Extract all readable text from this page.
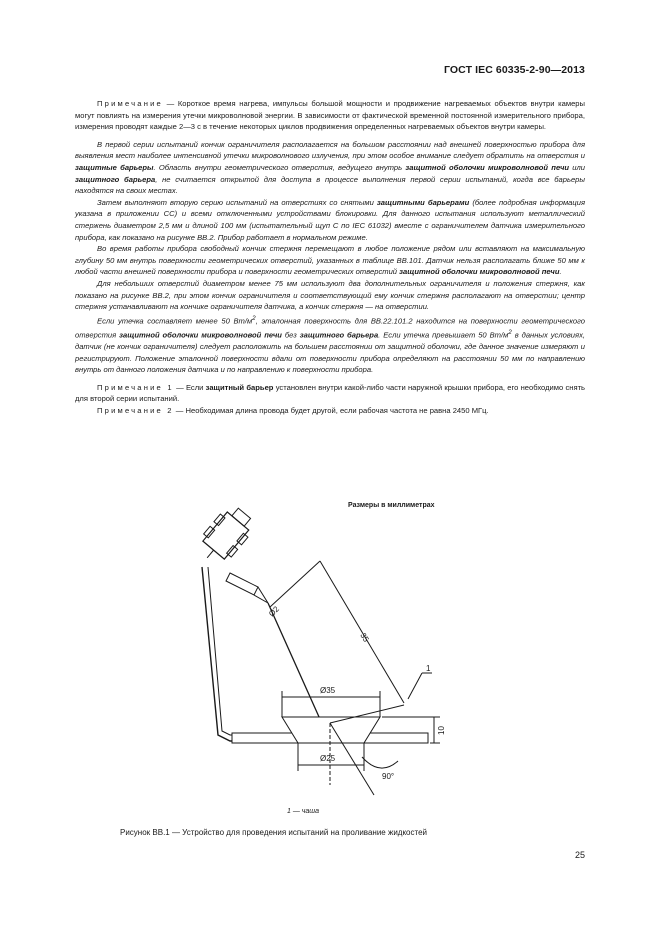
ГОСТ IEC 60335-2-90—2013

Примечание — Короткое время нагрева, импульсы большой мощности и продвижение нагреваемых объектов внутри камеры могут повлиять на измерения утечки микроволновой энергии. В зависимости от фактической временной постоянной измерительного прибора, измерения проводят каждые 2—3 с в течение некоторых циклов продвижения определенных нагреваемых объектов внутри камеры.

В первой серии испытаний кончик ограничителя располагается на большом расстоянии над внешней поверхностью прибора для выявления мест наиболее интенсивной утечки микроволнового излучения, при этом особое внимание следует обратить на отверстия и защитные барьеры. Область внутри геометрического отверстия, ведущего внутрь защитной оболочки микроволновой печи или защитного барьера, не считается открытой для доступа в процессе выполнения первой серии испытаний, когда все барьеры находятся на своих местах.

Затем выполняют вторую серию испытаний на отверстиях со снятыми защитными барьерами (более подробная информация указана в приложении СС) и всеми отключенными устройствами блокировки. Для данного испытания используют металлический стержень диаметром 2,5 мм и длиной 100 мм (испытательный щуп С по IEC 61032) вместе с ограничителем датчика измерительного прибора, как показано на рисунке ВВ.2. Прибор работает в нормальном режиме.

Во время работы прибора свободный кончик стержня перемещают в любое положение рядом или вставляют на максимальную глубину 50 мм внутрь поверхности геометрических отверстий, указанных в таблице ВВ.101. Датчик нельзя располагать ближе 50 мм к любой части внешней поверхности прибора и поверхности геометрических отверстий защитной оболочки микроволновой печи.

Для небольших отверстий диаметром менее 75 мм используют два дополнительных ограничителя и положения стержня, как показано на рисунке ВВ.2, при этом кончик ограничителя и соответствующий ему кончик стержня располагают на отверстии; центр стержня устанавливают на кончике ограничителя датчика, а кончик стержня — на отверстии.

Если утечка составляет менее 50 $Вт/м^2$, эталонная поверхность для ВВ.22.101.2 находится на поверхности геометрического отверстия защитной оболочки микроволновой печи без защитного барьера. Если утечка превышает 50 $Вт/м^2$ в данных условиях, датчик (не кончик ограничителя) следует расположить на большем расстоянии от защитной оболочки, где данное значение измеряют и регистрируют. Положение эталонной поверхности вдали от поверхности прибора определяют на расстоянии 50 мм по направлению внутрь от данного положения датчика и по направлению к поверхности прибора.

Примечание 1 — Если защитный барьер установлен внутри какой-либо части наружной крышки прибора, его необходимо снять для второй серии испытаний.

Примечание 2 — Необходимая длина провода будет другой, если рабочая частота не равна 2450 МГц.

Размеры в миллиметрах
Ø2
35
Ø35
Ø25
10
90°
1
1 — чаша
Рисунок ВВ.1 — Устройство для проведения испытаний на проливание жидкостей
25
